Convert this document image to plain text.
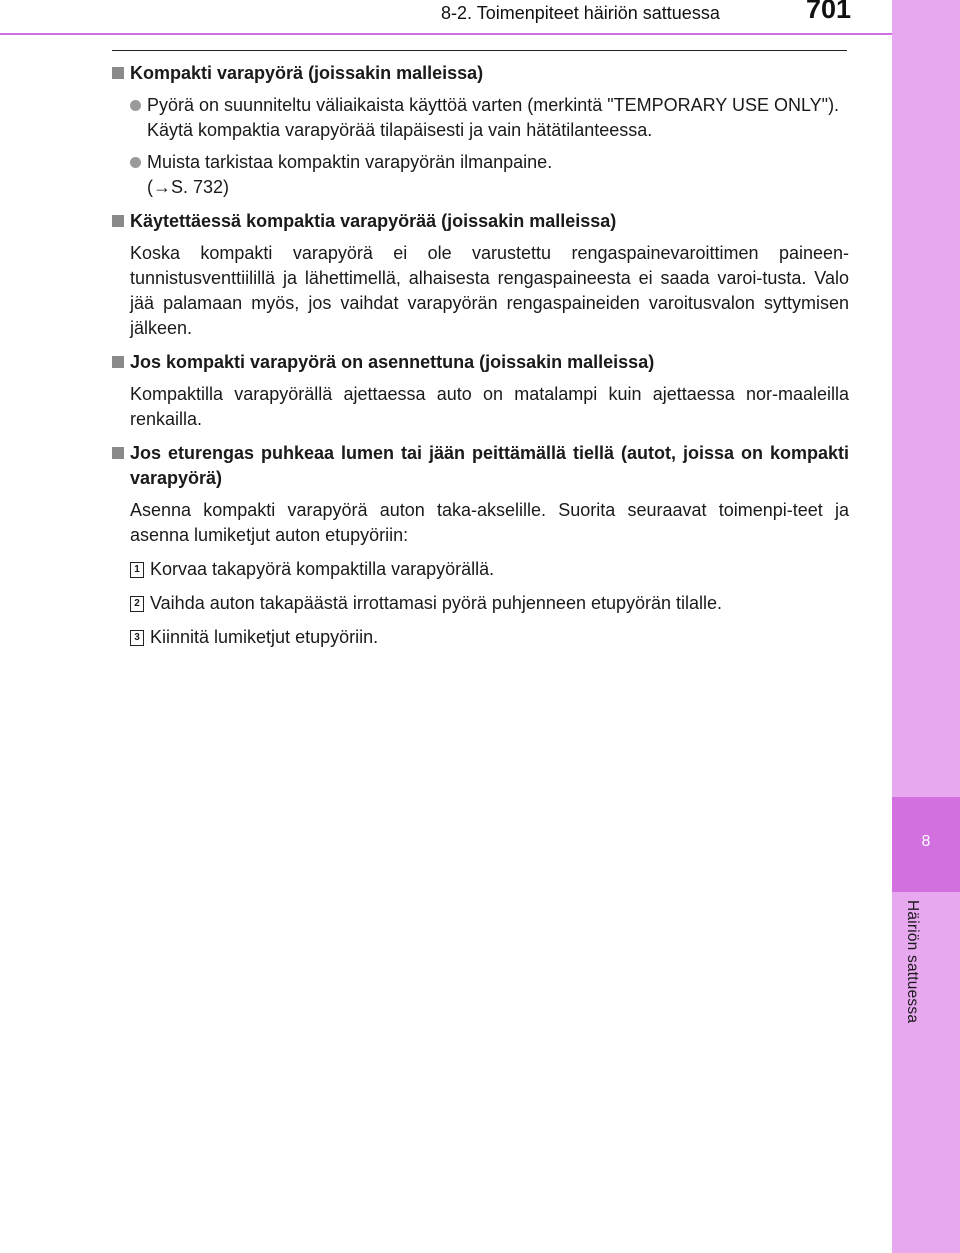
8
Häiriön sattuessa
8-2. Toimenpiteet häiriön sattuessa	701
Kompakti varapyörä (joissakin malleissa)
Pyörä on suunniteltu väliaikaista käyttöä varten (merkintä "TEMPORARY USE ONLY").
Käytä kompaktia varapyörää tilapäisesti ja vain hätätilanteessa.
Muista tarkistaa kompaktin varapyörän ilmanpaine.
(→S. 732)
Käytettäessä kompaktia varapyörää (joissakin malleissa)
Koska kompakti varapyörä ei ole varustettu rengaspainevaroittimen paineen-tunnistusventtiilillä ja lähettimellä, alhaisesta rengaspaineesta ei saada varoi-tusta. Valo jää palamaan myös, jos vaihdat varapyörän rengaspaineiden varoitusvalon syttymisen jälkeen.
Jos kompakti varapyörä on asennettuna (joissakin malleissa)
Kompaktilla varapyörällä ajettaessa auto on matalampi kuin ajettaessa nor-maaleilla renkailla.
Jos eturengas puhkeaa lumen tai jään peittämällä tiellä (autot, joissa on kompakti varapyörä)
Asenna kompakti varapyörä auton taka-akselille. Suorita seuraavat toimenpi-teet ja asenna lumiketjut auton etupyöriin:
1 Korvaa takapyörä kompaktilla varapyörällä.
2 Vaihda auton takapäästä irrottamasi pyörä puhjenneen etupyörän tilalle.
3 Kiinnitä lumiketjut etupyöriin.
